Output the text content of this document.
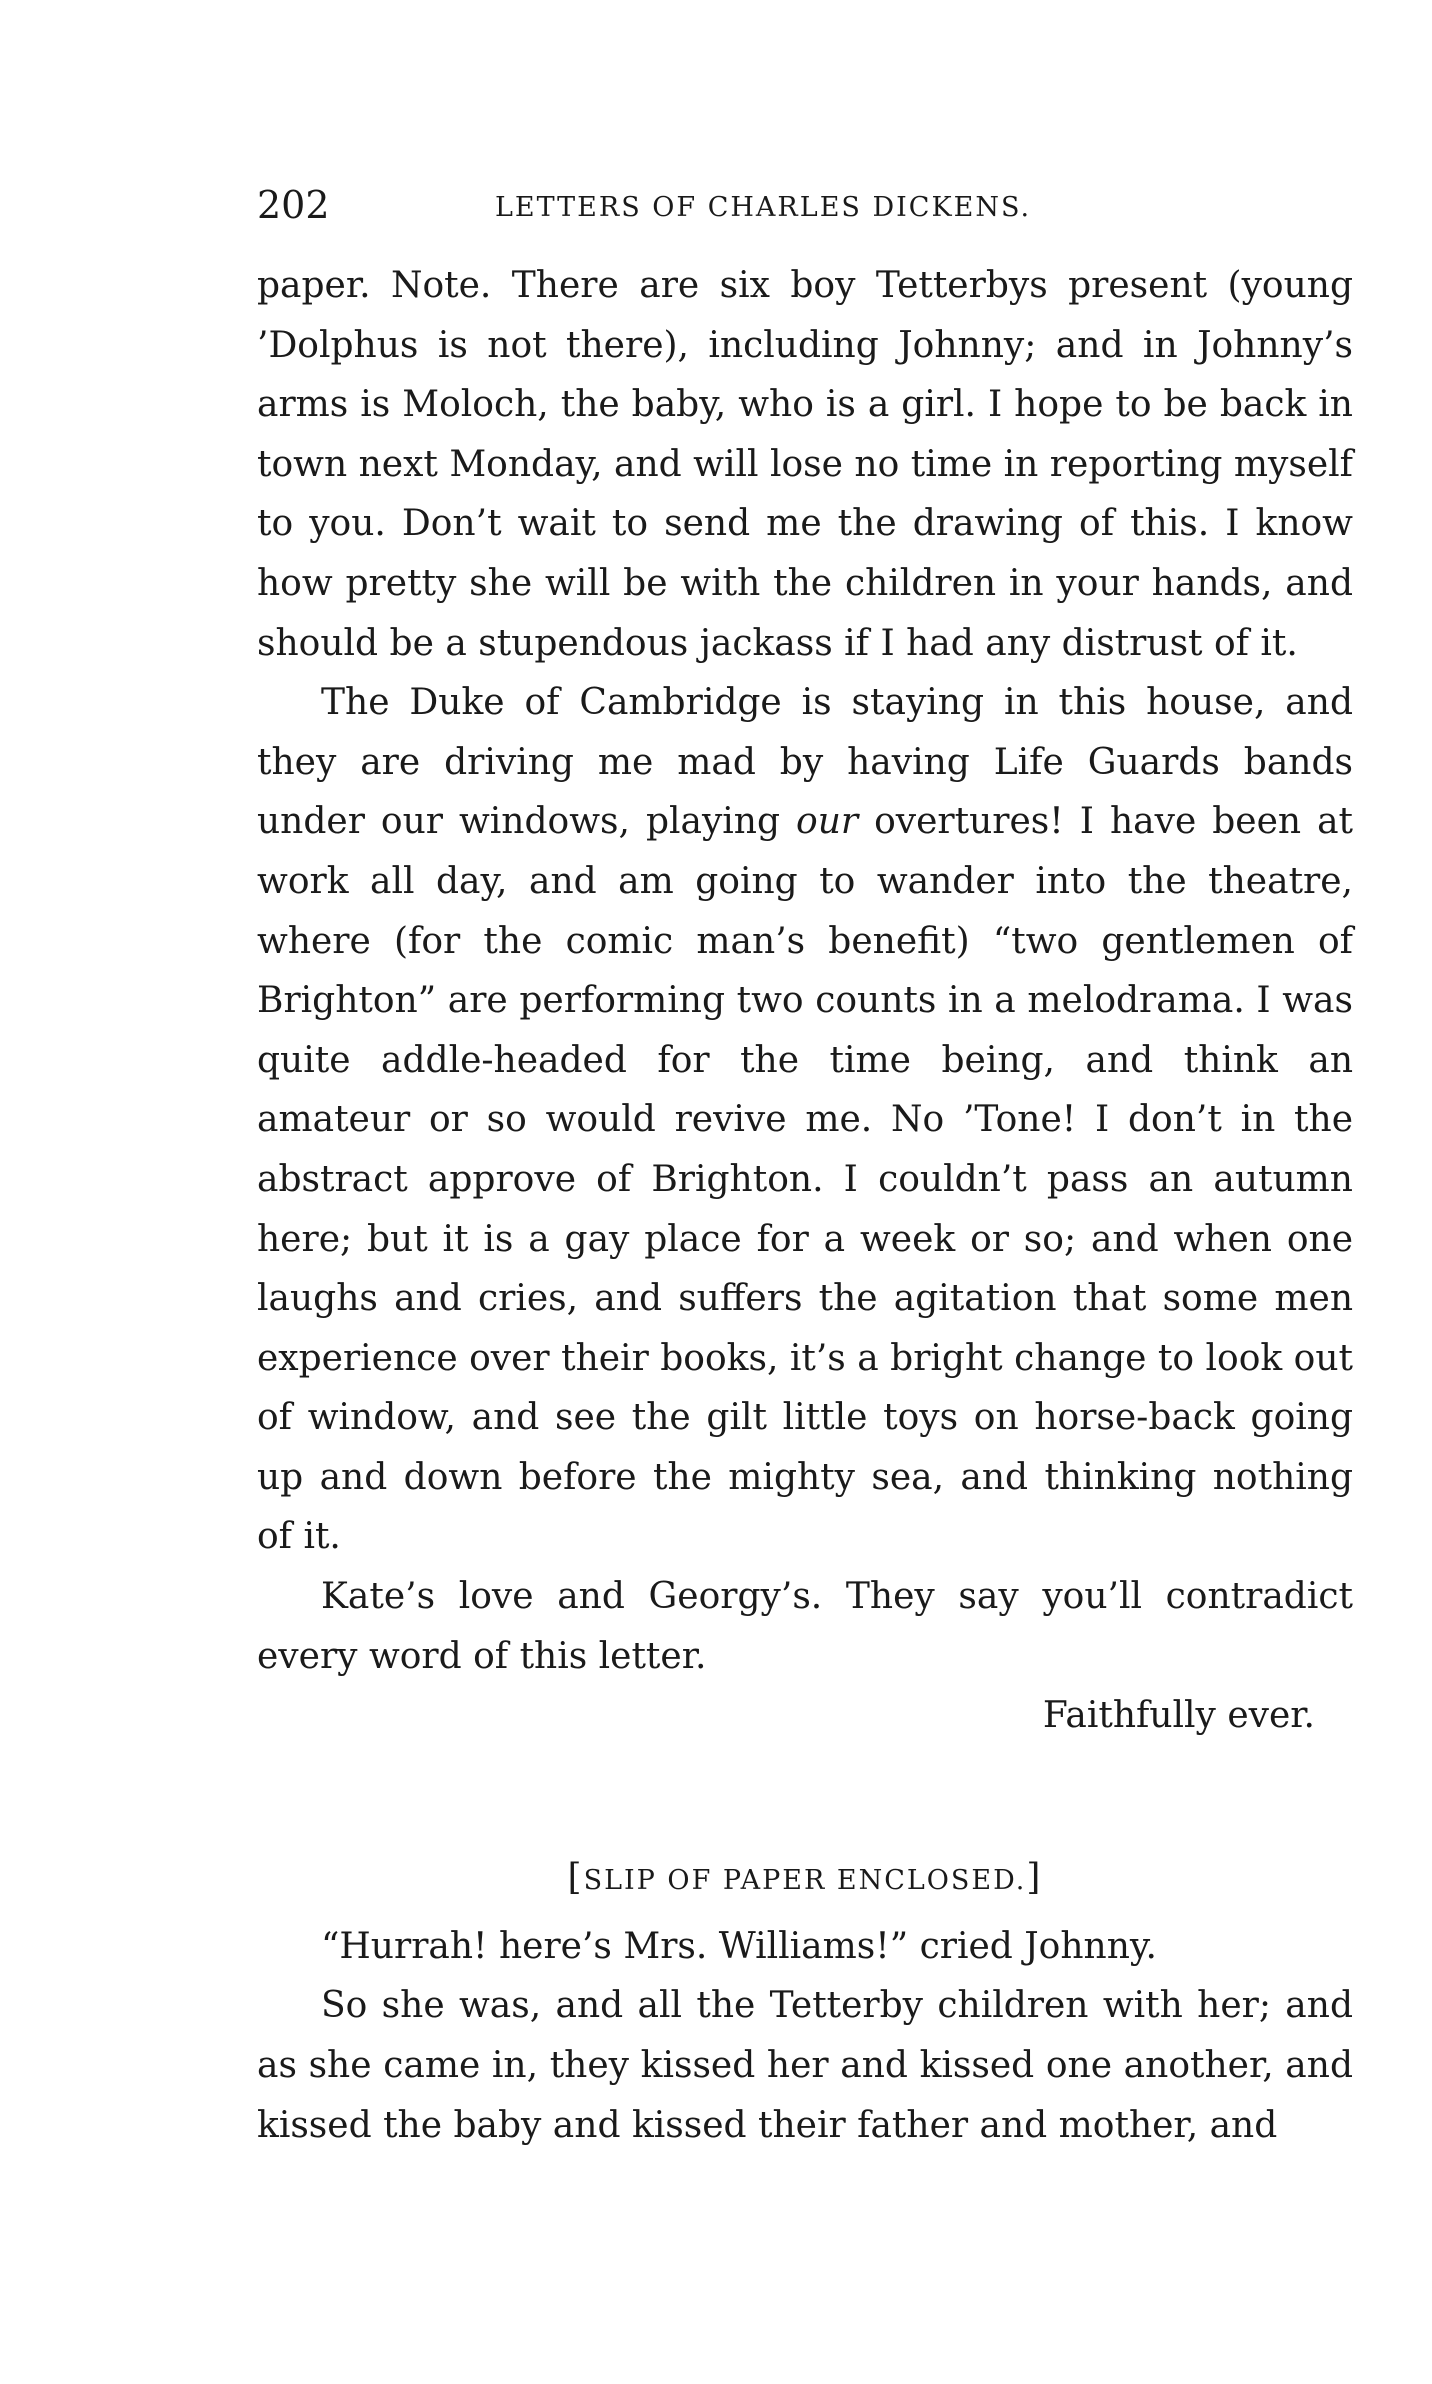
202	LETTERS OF CHARLES DICKENS.

paper. Note. There are six boy Tetterbys present (young ’Dolphus is not there), including Johnny; and in Johnny’s arms is Moloch, the baby, who is a girl. I hope to be back in town next Monday, and will lose no time in reporting myself to you. Don’t wait to send me the drawing of this. I know how pretty she will be with the children in your hands, and should be a stupendous jackass if I had any distrust of it.

The Duke of Cambridge is staying in this house, and they are driving me mad by having Life Guards bands under our windows, playing our overtures! I have been at work all day, and am going to wander into the theatre, where (for the comic man’s benefit) “two gentlemen of Brighton” are performing two counts in a melodrama. I was quite addle-headed for the time being, and think an amateur or so would revive me. No ’Tone! I don’t in the abstract approve of Brighton. I couldn’t pass an autumn here; but it is a gay place for a week or so; and when one laughs and cries, and suffers the agitation that some men experience over their books, it’s a bright change to look out of window, and see the gilt little toys on horse-back going up and down before the mighty sea, and thinking nothing of it.

Kate’s love and Georgy’s. They say you’ll contradict every word of this letter.

Faithfully ever.

[SLIP OF PAPER ENCLOSED.]

“Hurrah! here’s Mrs. Williams!” cried Johnny.

So she was, and all the Tetterby children with her; and as she came in, they kissed her and kissed one another, and kissed the baby and kissed their father and mother, and
